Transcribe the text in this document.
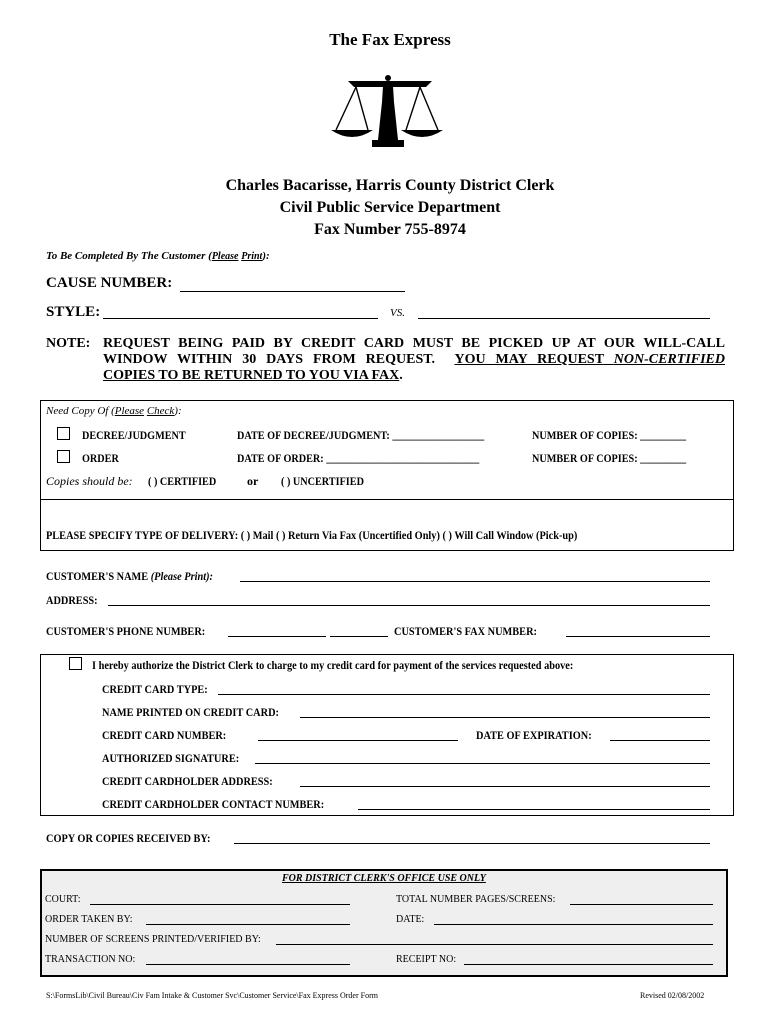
The Fax Express
Charles Bacarisse, Harris County District Clerk
Civil Public Service Department
Fax Number 755-8974
To Be Completed By The Customer (Please Print):
CAUSE NUMBER:
STYLE:	VS.
NOTE: REQUEST BEING PAID BY CREDIT CARD MUST BE PICKED UP AT OUR WILL-CALL
WINDOW WITHIN 30 DAYS FROM REQUEST. YOU MAY REQUEST NON-CERTIFIED
COPIES TO BE RETURNED TO YOU VIA FAX.
Need Copy Of (Please Check):
DECREE/JUDGMENT	DATE OF DECREE/JUDGMENT: __________________	NUMBER OF COPIES: _________
ORDER	DATE OF ORDER: ______________________________	NUMBER OF COPIES: _________
Copies should be: ( ) CERTIFIED	or ( ) UNCERTIFIED
PLEASE SPECIFY TYPE OF DELIVERY: ( ) Mail ( ) Return Via Fax (Uncertified Only) ( ) Will Call Window (Pick-up)
CUSTOMER'S NAME (Please Print):
ADDRESS:
CUSTOMER'S PHONE NUMBER:	CUSTOMER'S FAX NUMBER:
I hereby authorize the District Clerk to charge to my credit card for payment of the services requested above:
CREDIT CARD TYPE:
NAME PRINTED ON CREDIT CARD:
CREDIT CARD NUMBER:	DATE OF EXPIRATION:
AUTHORIZED SIGNATURE:
CREDIT CARDHOLDER ADDRESS:
CREDIT CARDHOLDER CONTACT NUMBER:
COPY OR COPIES RECEIVED BY:
FOR DISTRICT CLERK'S OFFICE USE ONLY
COURT:	TOTAL NUMBER PAGES/SCREENS:
ORDER TAKEN BY:	DATE:
NUMBER OF SCREENS PRINTED/VERIFIED BY:
TRANSACTION NO:	RECEIPT NO:
S:\FormsLib\Civil Bureau\Civ Fam Intake & Customer Svc\Customer Service\Fax Express Order Form	Revised 02/08/2002
